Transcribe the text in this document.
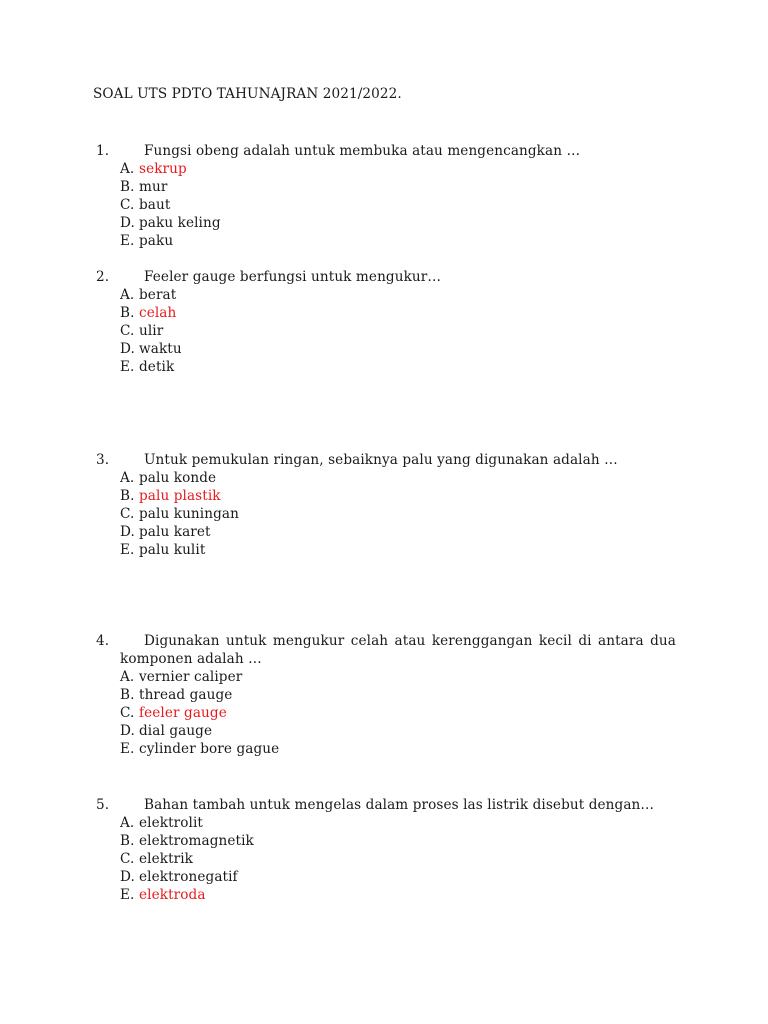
SOAL UTS PDTO TAHUNAJRAN 2021/2022.
1.	Fungsi obeng adalah untuk membuka atau mengencangkan …
A. sekrup
B. mur
C. baut
D. paku keling
E. paku
2.	Feeler gauge berfungsi untuk mengukur…
A. berat
B. celah
C. ulir
D. waktu
E. detik
3.	Untuk pemukulan ringan, sebaiknya palu yang digunakan adalah …
A. palu konde
B. palu plastik
C. palu kuningan
D. palu karet
E. palu kulit
4.	Digunakan untuk mengukur celah atau kerenggangan kecil di antara dua
komponen adalah …
A. vernier caliper
B. thread gauge
C. feeler gauge
D. dial gauge
E. cylinder bore gague
5.	Bahan tambah untuk mengelas dalam proses las listrik disebut dengan…
A. elektrolit
B. elektromagnetik
C. elektrik
D. elektronegatif
E. elektroda
